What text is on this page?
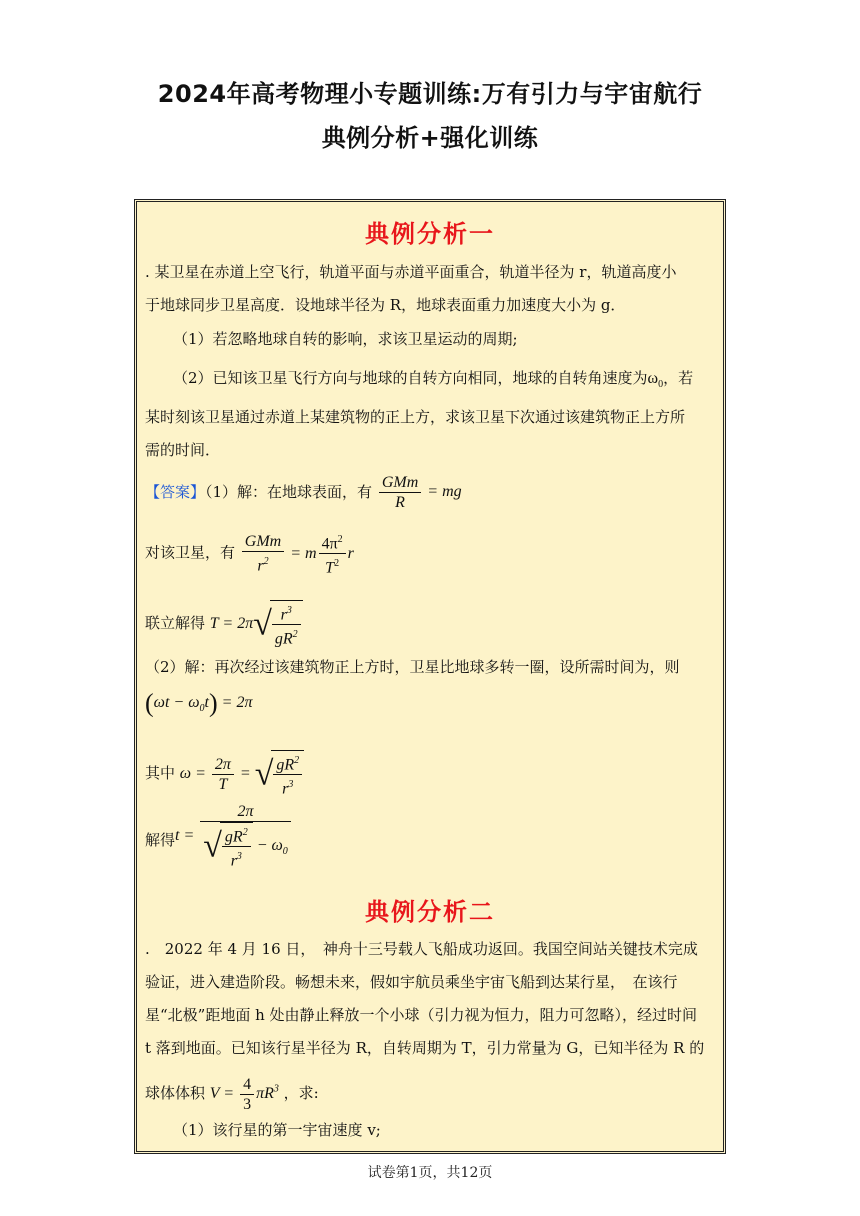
2024年高考物理小专题训练:万有引力与宇宙航行
典例分析+强化训练
典例分析一
. 某卫星在赤道上空飞行，轨道平面与赤道平面重合，轨道半径为 r，轨道高度小
于地球同步卫星高度．设地球半径为 R，地球表面重力加速度大小为 g．
（1）若忽略地球自转的影响，求该卫星运动的周期;
（2）已知该卫星飞行方向与地球的自转方向相同，地球的自转角速度为$\omega_0$，若
某时刻该卫星通过赤道上某建筑物的正上方，求该卫星下次通过该建筑物正上方所
需的时间．
【答案】（1）解：在地球表面，有 $\frac{\text{GMm}}{R}$ = mg
对该卫星，有 $\frac{\text{GMm}}{r^2} = m \frac{4\pi^2}{T^2}$ r
联立解得 $T = 2\pi√ \frac{r^3}{gR^2}$
（2）解：再次经过该建筑物正上方时，卫星比地球多转一圈，设所需时间为，则
$(\omega t - \omega_0t) = 2\pi$
其中 $\omega = \frac{2\pi}{T}$ = √ $\frac{gR^2}{r^3}$
解得 $t = \frac{2\pi}{√ \frac{gR^2}{r^3} - \omega_0}$
典例分析二
.　2022 年 4 月 16 日，　神舟十三号载人飞船成功返回。我国空间站关键技术完成
验证，进入建造阶段。畅想未来，假如宇航员乘坐宇宙飞船到达某行星，　在该行
星“北极”距地面 h 处由静止释放一个小球（引力视为恒力，阻力可忽略），经过时间
t 落到地面。已知该行星半径为 R，自转周期为 T，引力常量为 G，已知半径为 R 的
球体体积 $V = \frac{4}{3} \pi R^3$ ，求:
（1）该行星的第一宇宙速度 v;
试卷第1页，共12页
